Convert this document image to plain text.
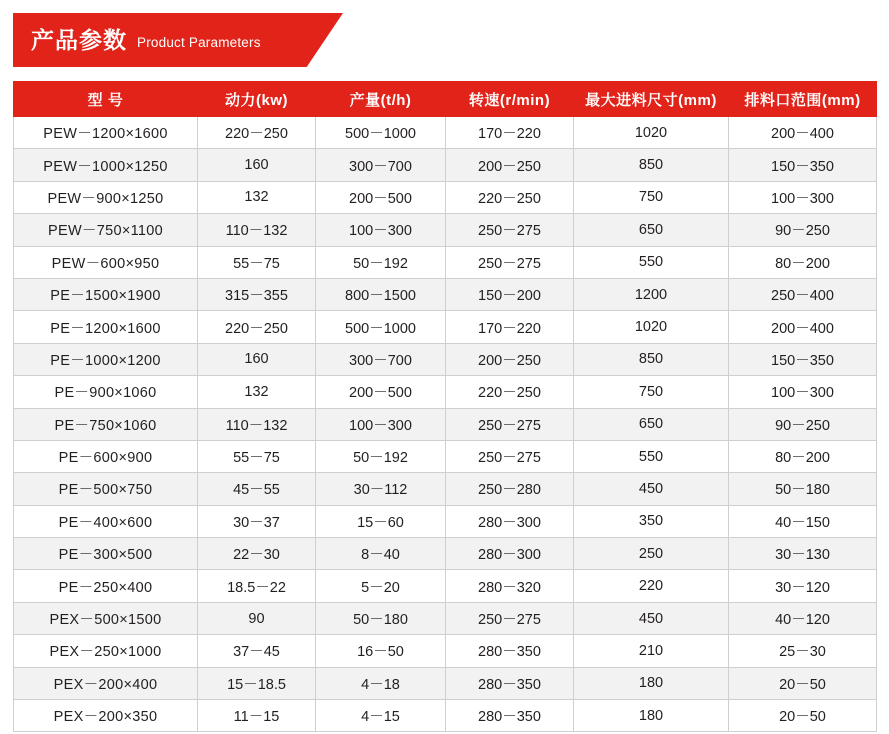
产品参数 Product Parameters
型 号	动力(kw)	产量(t/h)	转速(r/min)	最大进料尺寸(mm)	排料口范围(mm)
PEW－1200×1600	220－250	500－1000	170－220	1020	200－400
PEW－1000×1250	160	300－700	200－250	850	150－350
PEW－900×1250	132	200－500	220－250	750	100－300
PEW－750×1100	110－132	100－300	250－275	650	90－250
PEW－600×950	55－75	50－192	250－275	550	80－200
PE－1500×1900	315－355	800－1500	150－200	1200	250－400
PE－1200×1600	220－250	500－1000	170－220	1020	200－400
PE－1000×1200	160	300－700	200－250	850	150－350
PE－900×1060	132	200－500	220－250	750	100－300
PE－750×1060	110－132	100－300	250－275	650	90－250
PE－600×900	55－75	50－192	250－275	550	80－200
PE－500×750	45－55	30－112	250－280	450	50－180
PE－400×600	30－37	15－60	280－300	350	40－150
PE－300×500	22－30	8－40	280－300	250	30－130
PE－250×400	18.5－22	5－20	280－320	220	30－120
PEX－500×1500	90	50－180	250－275	450	40－120
PEX－250×1000	37－45	16－50	280－350	210	25－30
PEX－200×400	15－18.5	4－18	280－350	180	20－50
PEX－200×350	11－15	4－15	280－350	180	20－50
